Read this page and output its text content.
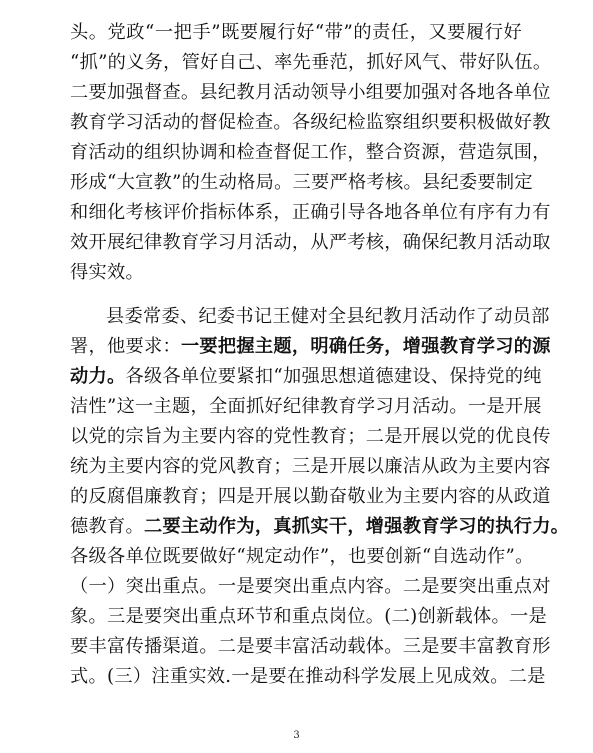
头。党政“一把手”既要履行好“带”的责任，又要履行好
“抓”的义务，管好自己、率先垂范，抓好风气、带好队伍。
二要加强督查。县纪教月活动领导小组要加强对各地各单位
教育学习活动的督促检查。各级纪检监察组织要积极做好教
育活动的组织协调和检查督促工作，整合资源，营造氛围，
形成“大宣教”的生动格局。三要严格考核。县纪委要制定
和细化考核评价指标体系，正确引导各地各单位有序有力有
效开展纪律教育学习月活动，从严考核，确保纪教月活动取
得实效。
县委常委、纪委书记王健对全县纪教月活动作了动员部
署，他要求：一要把握主题，明确任务，增强教育学习的源
动力。各级各单位要紧扣“加强思想道德建设、保持党的纯
洁性”这一主题，全面抓好纪律教育学习月活动。一是开展
以党的宗旨为主要内容的党性教育；二是开展以党的优良传
统为主要内容的党风教育；三是开展以廉洁从政为主要内容
的反腐倡廉教育；四是开展以勤奋敬业为主要内容的从政道
德教育。二要主动作为，真抓实干，增强教育学习的执行力。
各级各单位既要做好“规定动作”，也要创新“自选动作”。
（一）突出重点。一是要突出重点内容。二是要突出重点对
象。三是要突出重点环节和重点岗位。(二)创新载体。一是
要丰富传播渠道。二是要丰富活动载体。三是要丰富教育形
式。(三）注重实效.一是要在推动科学发展上见成效。二是
3
